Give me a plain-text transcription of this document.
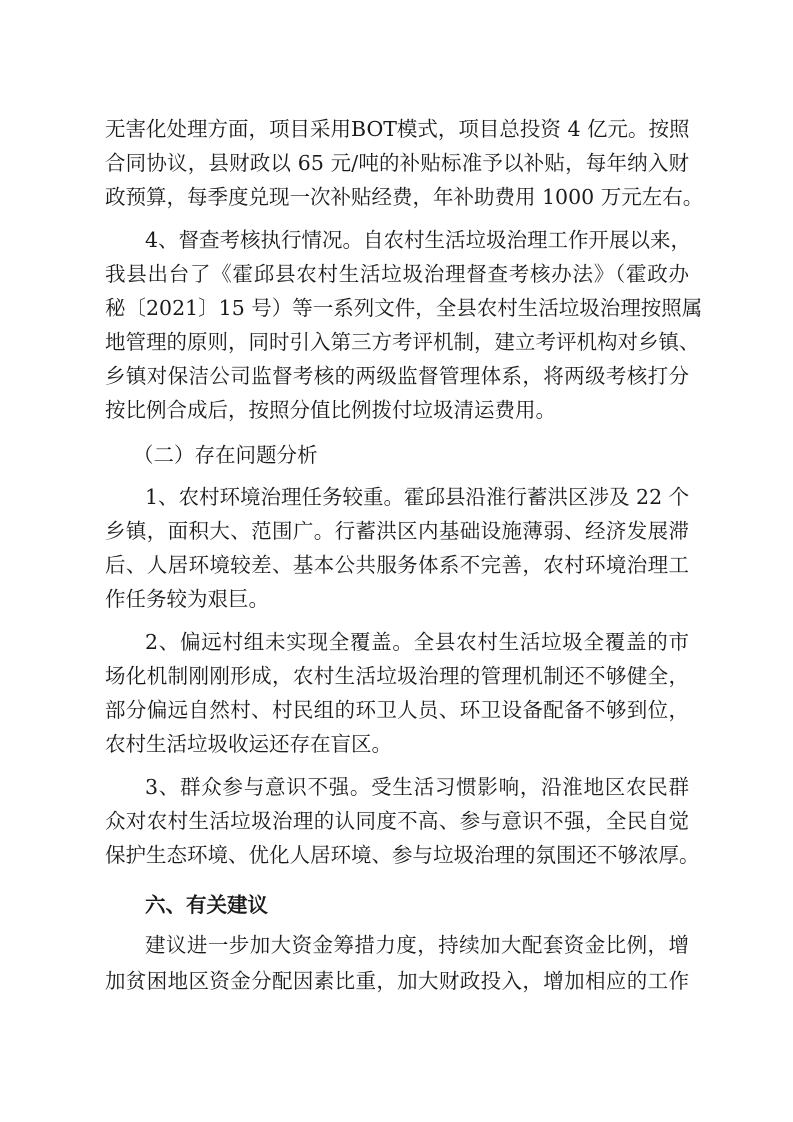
无害化处理方面，项目采用BOT模式，项目总投资 4 亿元。按照
合同协议，县财政以 65 元/吨的补贴标准予以补贴，每年纳入财
政预算，每季度兑现一次补贴经费，年补助费用 1000 万元左右。
4、督查考核执行情况。自农村生活垃圾治理工作开展以来，
我县出台了《霍邱县农村生活垃圾治理督查考核办法》（霍政办
秘〔2021〕15 号）等一系列文件，全县农村生活垃圾治理按照属
地管理的原则，同时引入第三方考评机制，建立考评机构对乡镇、
乡镇对保洁公司监督考核的两级监督管理体系，将两级考核打分
按比例合成后，按照分值比例拨付垃圾清运费用。
（二）存在问题分析
1、农村环境治理任务较重。霍邱县沿淮行蓄洪区涉及 22 个
乡镇，面积大、范围广。行蓄洪区内基础设施薄弱、经济发展滞
后、人居环境较差、基本公共服务体系不完善，农村环境治理工
作任务较为艰巨。
2、偏远村组未实现全覆盖。全县农村生活垃圾全覆盖的市
场化机制刚刚形成，农村生活垃圾治理的管理机制还不够健全，
部分偏远自然村、村民组的环卫人员、环卫设备配备不够到位，
农村生活垃圾收运还存在盲区。
3、群众参与意识不强。受生活习惯影响，沿淮地区农民群
众对农村生活垃圾治理的认同度不高、参与意识不强，全民自觉
保护生态环境、优化人居环境、参与垃圾治理的氛围还不够浓厚。
六、有关建议
建议进一步加大资金筹措力度，持续加大配套资金比例，增
加贫困地区资金分配因素比重，加大财政投入，增加相应的工作
